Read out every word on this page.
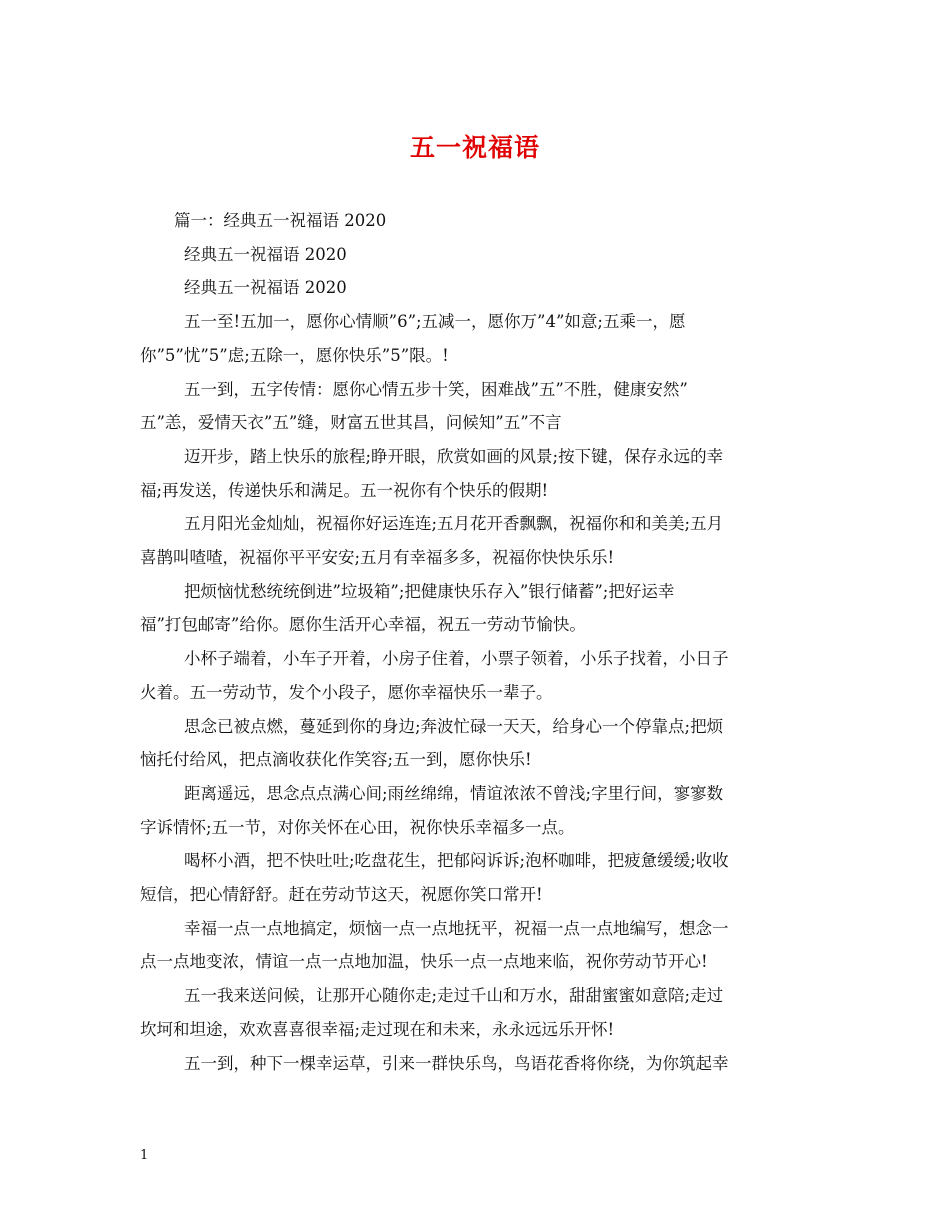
五一祝福语

篇一：经典五一祝福语 2020

经典五一祝福语 2020

经典五一祝福语 2020

五一至!五加一，愿你心情顺”6”;五减一，愿你万”4”如意;五乘一，愿

你”5”忧”5”虑;五除一，愿你快乐”5”限。!

五一到，五字传情：愿你心情五步十笑，困难战”五”不胜，健康安然”

五”恙，爱情天衣”五”缝，财富五世其昌，问候知”五”不言

迈开步，踏上快乐的旅程;睁开眼，欣赏如画的风景;按下键，保存永远的幸

福;再发送，传递快乐和满足。五一祝你有个快乐的假期!

五月阳光金灿灿，祝福你好运连连;五月花开香飘飘，祝福你和和美美;五月

喜鹊叫喳喳，祝福你平平安安;五月有幸福多多，祝福你快快乐乐!

把烦恼忧愁统统倒进”垃圾箱”;把健康快乐存入”银行储蓄”;把好运幸

福”打包邮寄”给你。愿你生活开心幸福，祝五一劳动节愉快。

小杯子端着，小车子开着，小房子住着，小票子领着，小乐子找着，小日子

火着。五一劳动节，发个小段子，愿你幸福快乐一辈子。

思念已被点燃，蔓延到你的身边;奔波忙碌一天天，给身心一个停靠点;把烦

恼托付给风，把点滴收获化作笑容;五一到，愿你快乐!

距离遥远，思念点点满心间;雨丝绵绵，情谊浓浓不曾浅;字里行间，寥寥数

字诉情怀;五一节，对你关怀在心田，祝你快乐幸福多一点。

喝杯小酒，把不快吐吐;吃盘花生，把郁闷诉诉;泡杯咖啡，把疲惫缓缓;收收

短信，把心情舒舒。赶在劳动节这天，祝愿你笑口常开!

幸福一点一点地搞定，烦恼一点一点地抚平，祝福一点一点地编写，想念一

点一点地变浓，情谊一点一点地加温，快乐一点一点地来临，祝你劳动节开心!

五一我来送问候，让那开心随你走;走过千山和万水，甜甜蜜蜜如意陪;走过

坎坷和坦途，欢欢喜喜很幸福;走过现在和未来，永永远远乐开怀!

五一到，种下一棵幸运草，引来一群快乐鸟，鸟语花香将你绕，为你筑起幸

1
